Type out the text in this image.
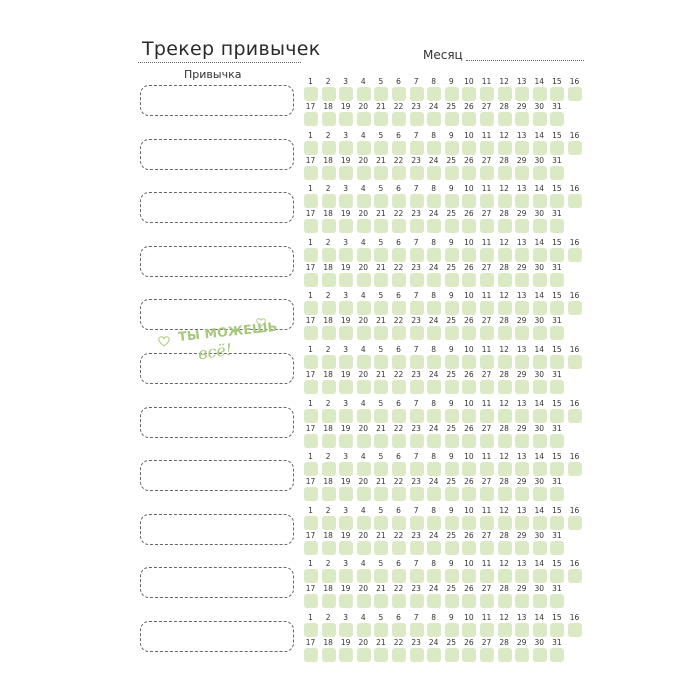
Трекер привычек	Месяц
Привычка
1	2	3	4	5	6	7	8	9	10	11	12	13	14	15	16
17	18	19	20	21	22	23	24	25	26	27	28	29	30	31
1	2	3	4	5	6	7	8	9	10	11	12	13	14	15	16
17	18	19	20	21	22	23	24	25	26	27	28	29	30	31
1	2	3	4	5	6	7	8	9	10	11	12	13	14	15	16
17	18	19	20	21	22	23	24	25	26	27	28	29	30	31
1	2	3	4	5	6	7	8	9	10	11	12	13	14	15	16
17	18	19	20	21	22	23	24	25	26	27	28	29	30	31
1	2	3	4	5	6	7	8	9	10	11	12	13	14	15	16
17	18	19	20	21	22	23	24	25	26	27	28	29	30	31
1	2	3	4	5	6	7	8	9	10	11	12	13	14	15	16
17	18	19	20	21	22	23	24	25	26	27	28	29	30	31
1	2	3	4	5	6	7	8	9	10	11	12	13	14	15	16
17	18	19	20	21	22	23	24	25	26	27	28	29	30	31
1	2	3	4	5	6	7	8	9	10	11	12	13	14	15	16
17	18	19	20	21	22	23	24	25	26	27	28	29	30	31
1	2	3	4	5	6	7	8	9	10	11	12	13	14	15	16
17	18	19	20	21	22	23	24	25	26	27	28	29	30	31
1	2	3	4	5	6	7	8	9	10	11	12	13	14	15	16
17	18	19	20	21	22	23	24	25	26	27	28	29	30	31
1	2	3	4	5	6	7	8	9	10	11	12	13	14	15	16
17	18	19	20	21	22	23	24	25	26	27	28	29	30	31
ТЫ МОЖЕШЬ
всё!
